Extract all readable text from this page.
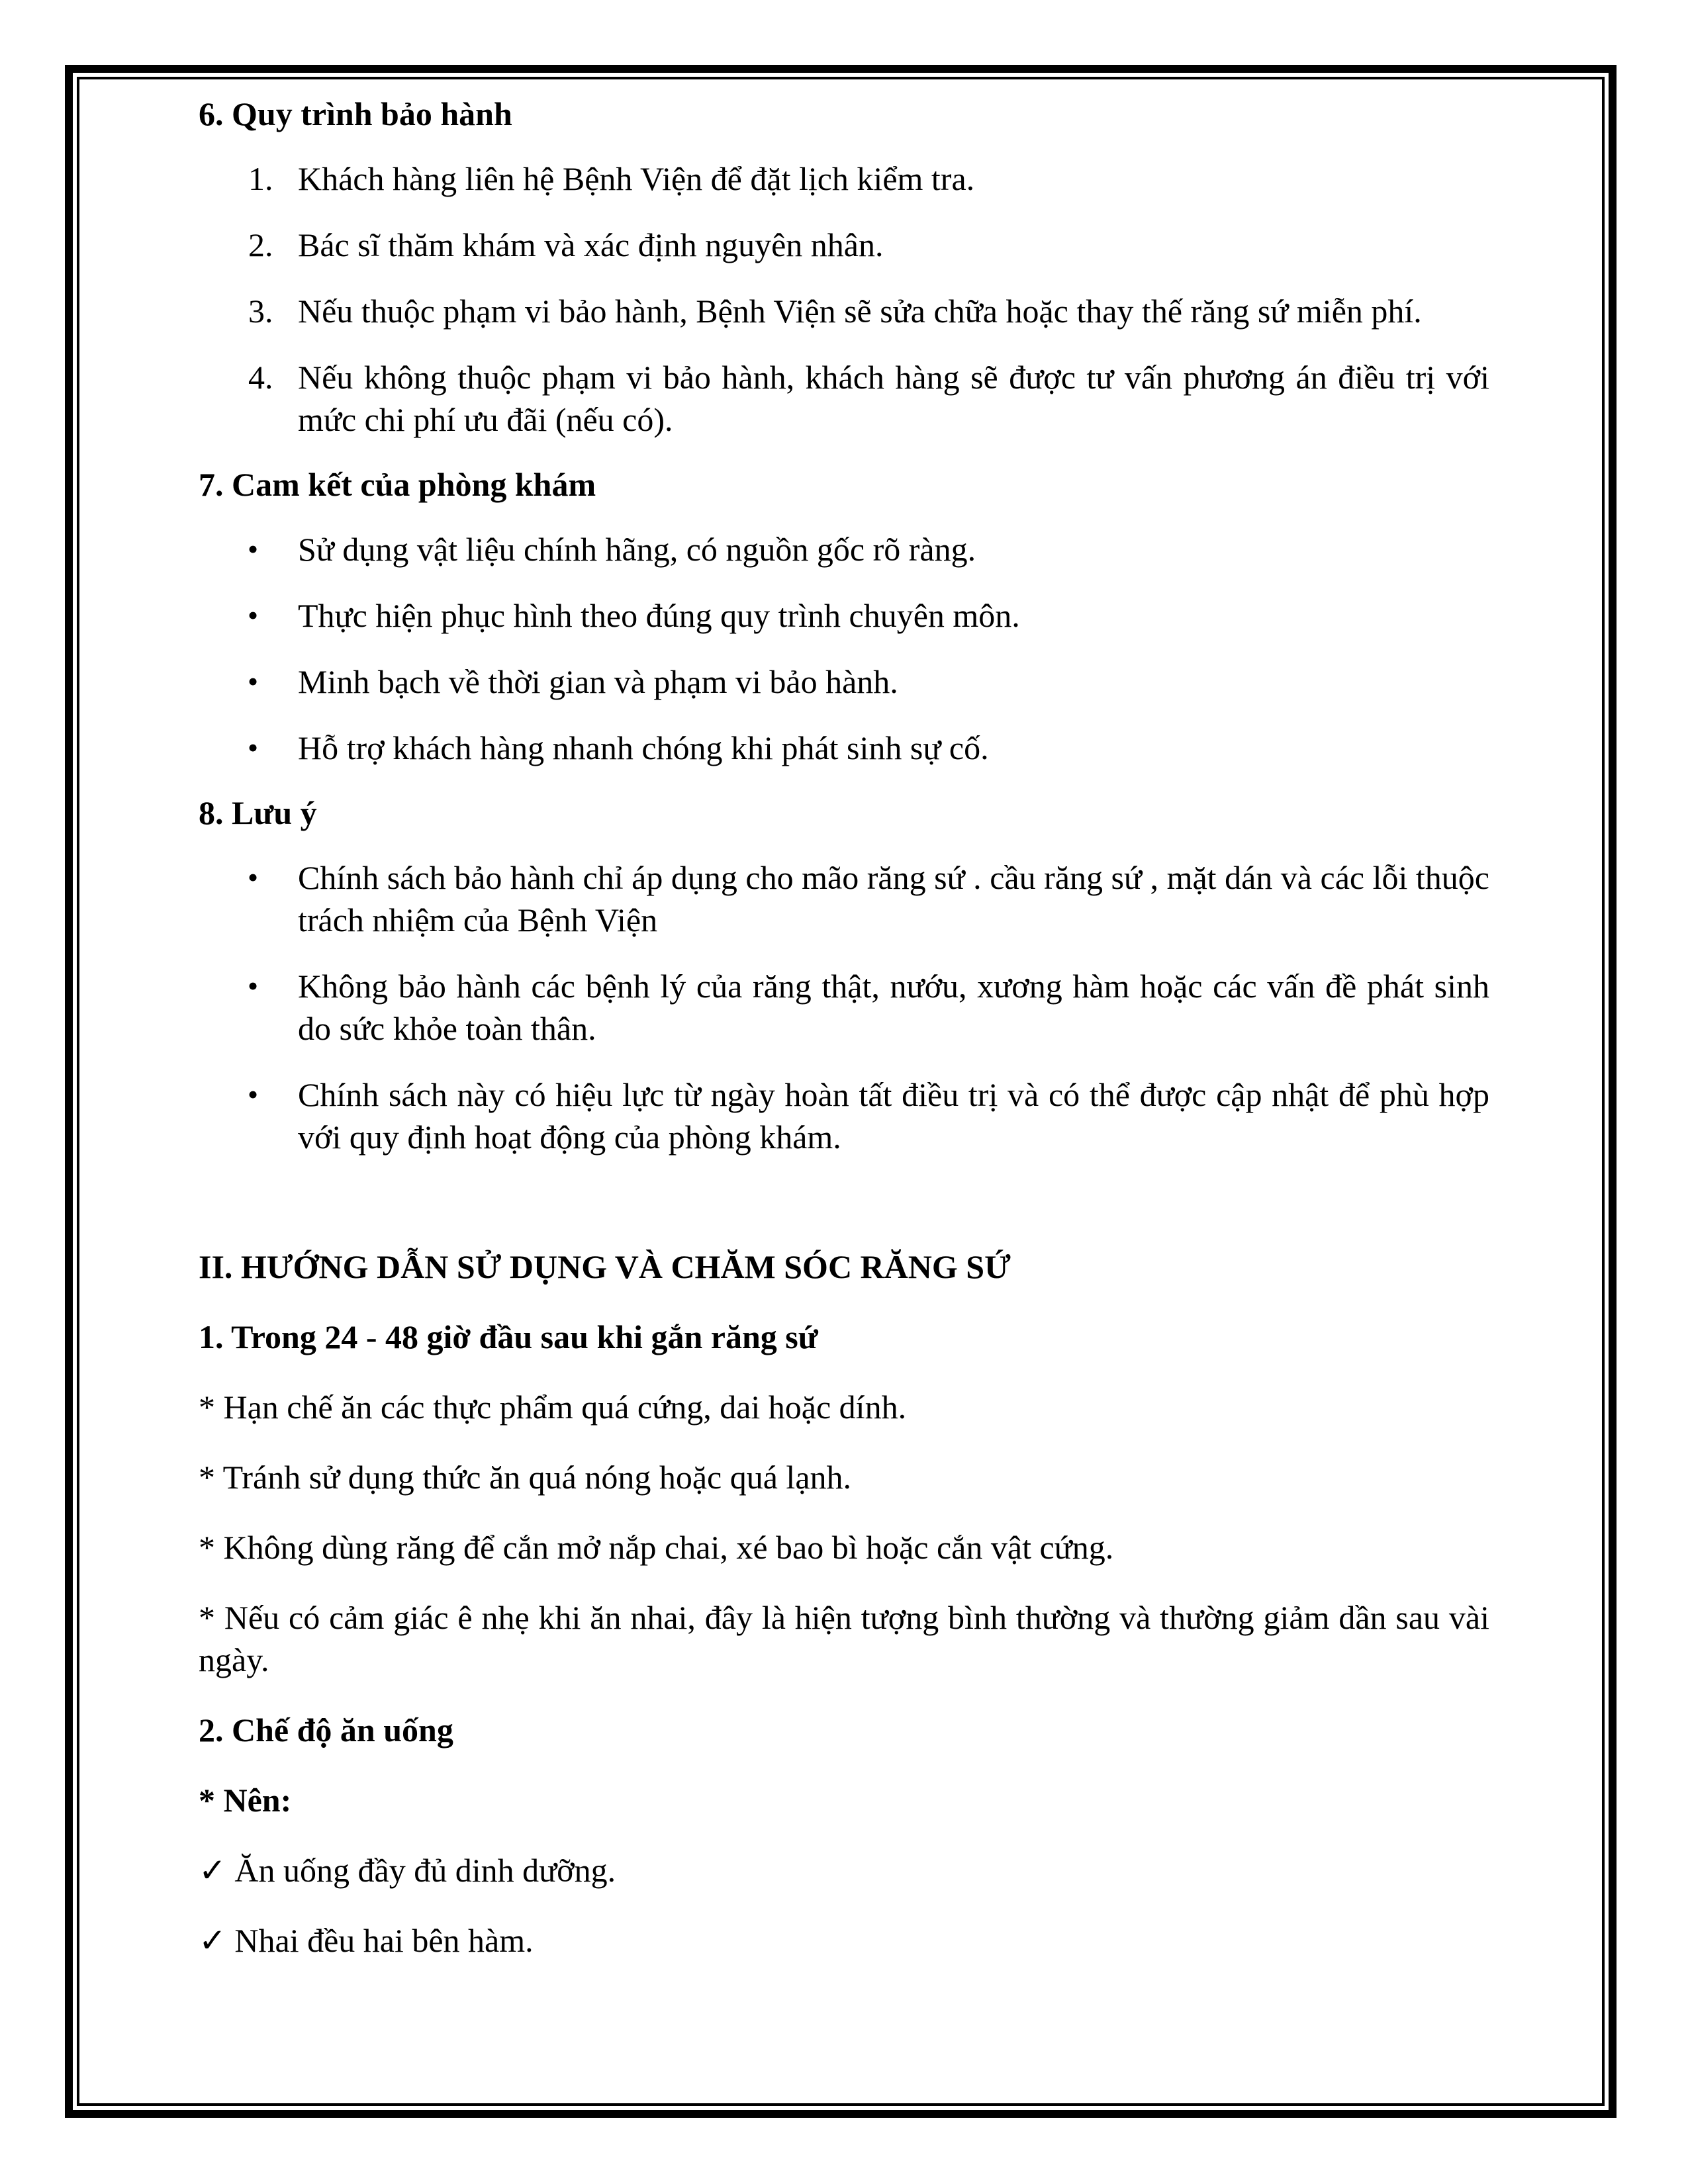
6. Quy trình bảo hành

1. Khách hàng liên hệ Bệnh Viện để đặt lịch kiểm tra.
2. Bác sĩ thăm khám và xác định nguyên nhân.
3. Nếu thuộc phạm vi bảo hành, Bệnh Viện sẽ sửa chữa hoặc thay thế răng sứ miễn phí.
4. Nếu không thuộc phạm vi bảo hành, khách hàng sẽ được tư vấn phương án điều trị với mức chi phí ưu đãi (nếu có).

7. Cam kết của phòng khám

• Sử dụng vật liệu chính hãng, có nguồn gốc rõ ràng.
• Thực hiện phục hình theo đúng quy trình chuyên môn.
• Minh bạch về thời gian và phạm vi bảo hành.
• Hỗ trợ khách hàng nhanh chóng khi phát sinh sự cố.

8. Lưu ý

• Chính sách bảo hành chỉ áp dụng cho mão răng sứ . cầu răng sứ , mặt dán và các lỗi thuộc trách nhiệm của Bệnh Viện
• Không bảo hành các bệnh lý của răng thật, nướu, xương hàm hoặc các vấn đề phát sinh do sức khỏe toàn thân.
• Chính sách này có hiệu lực từ ngày hoàn tất điều trị và có thể được cập nhật để phù hợp với quy định hoạt động của phòng khám.

II. HƯỚNG DẪN SỬ DỤNG VÀ CHĂM SÓC RĂNG SỨ

1. Trong 24 - 48 giờ đầu sau khi gắn răng sứ

* Hạn chế ăn các thực phẩm quá cứng, dai hoặc dính.

* Tránh sử dụng thức ăn quá nóng hoặc quá lạnh.

* Không dùng răng để cắn mở nắp chai, xé bao bì hoặc cắn vật cứng.

* Nếu có cảm giác ê nhẹ khi ăn nhai, đây là hiện tượng bình thường và thường giảm dần sau vài ngày.

2. Chế độ ăn uống

* Nên:

✓ Ăn uống đầy đủ dinh dưỡng.

✓ Nhai đều hai bên hàm.
